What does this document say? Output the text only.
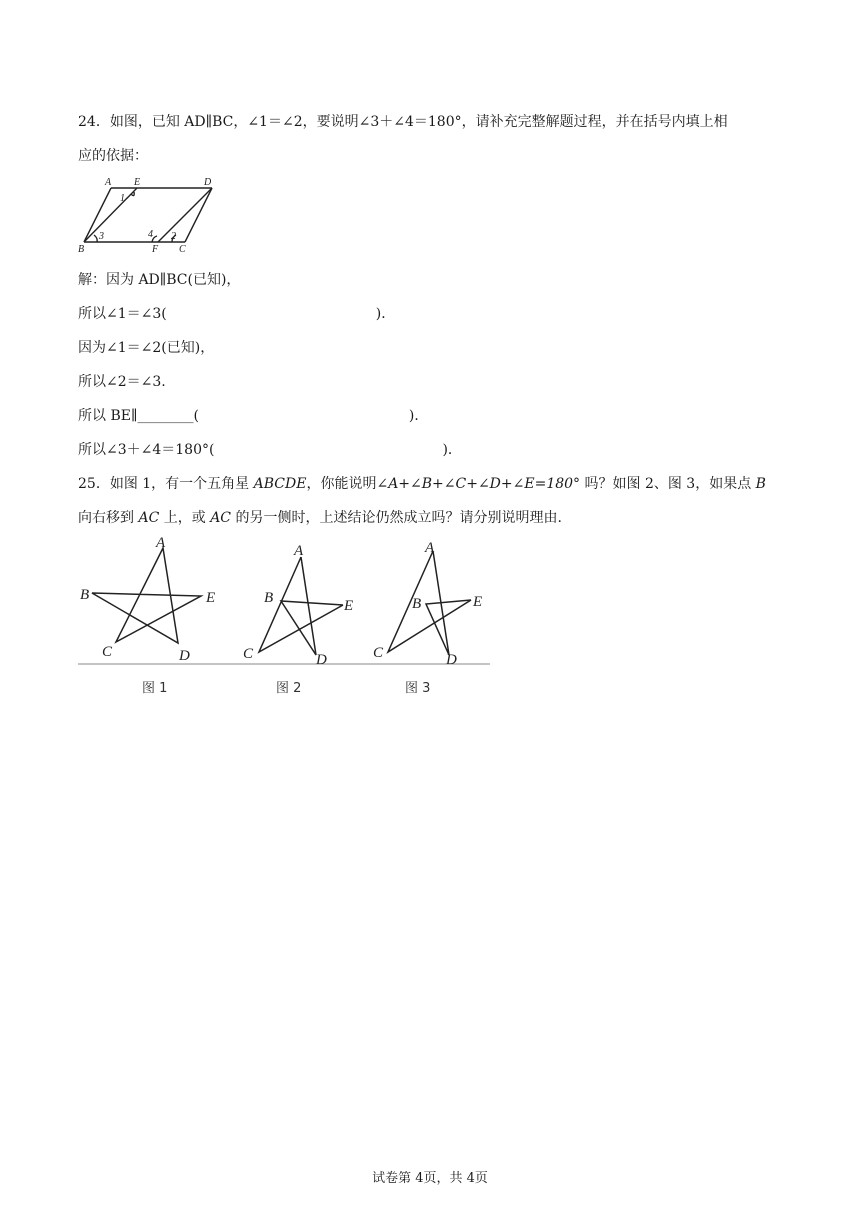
24．如图，已知 AD∥BC，∠1＝∠2，要说明∠3＋∠4＝180°，请补充完整解题过程，并在括号内填上相
应的依据：
A E	D
B	F C
1
2
3	4
解：因为 AD∥BC(已知)，
所以∠1＝∠3(	)．
因为∠1＝∠2(已知)，
所以∠2＝∠3.
所以 BE∥________(	)．
所以∠3＋∠4＝180°(	)．
25．如图 1，有一个五角星 ABCDE，你能说明∠A+∠B+∠C+∠D+∠E=180° 吗？如图 2、图 3，如果点 B
向右移到 AC 上，或 AC 的另一侧时，上述结论仍然成立吗？请分别说明理由.
A
B
C	D
E
A
B
C	D
E
A
B
C	D
E
图 1	图 2	图 3
试卷第 4页，共 4页
